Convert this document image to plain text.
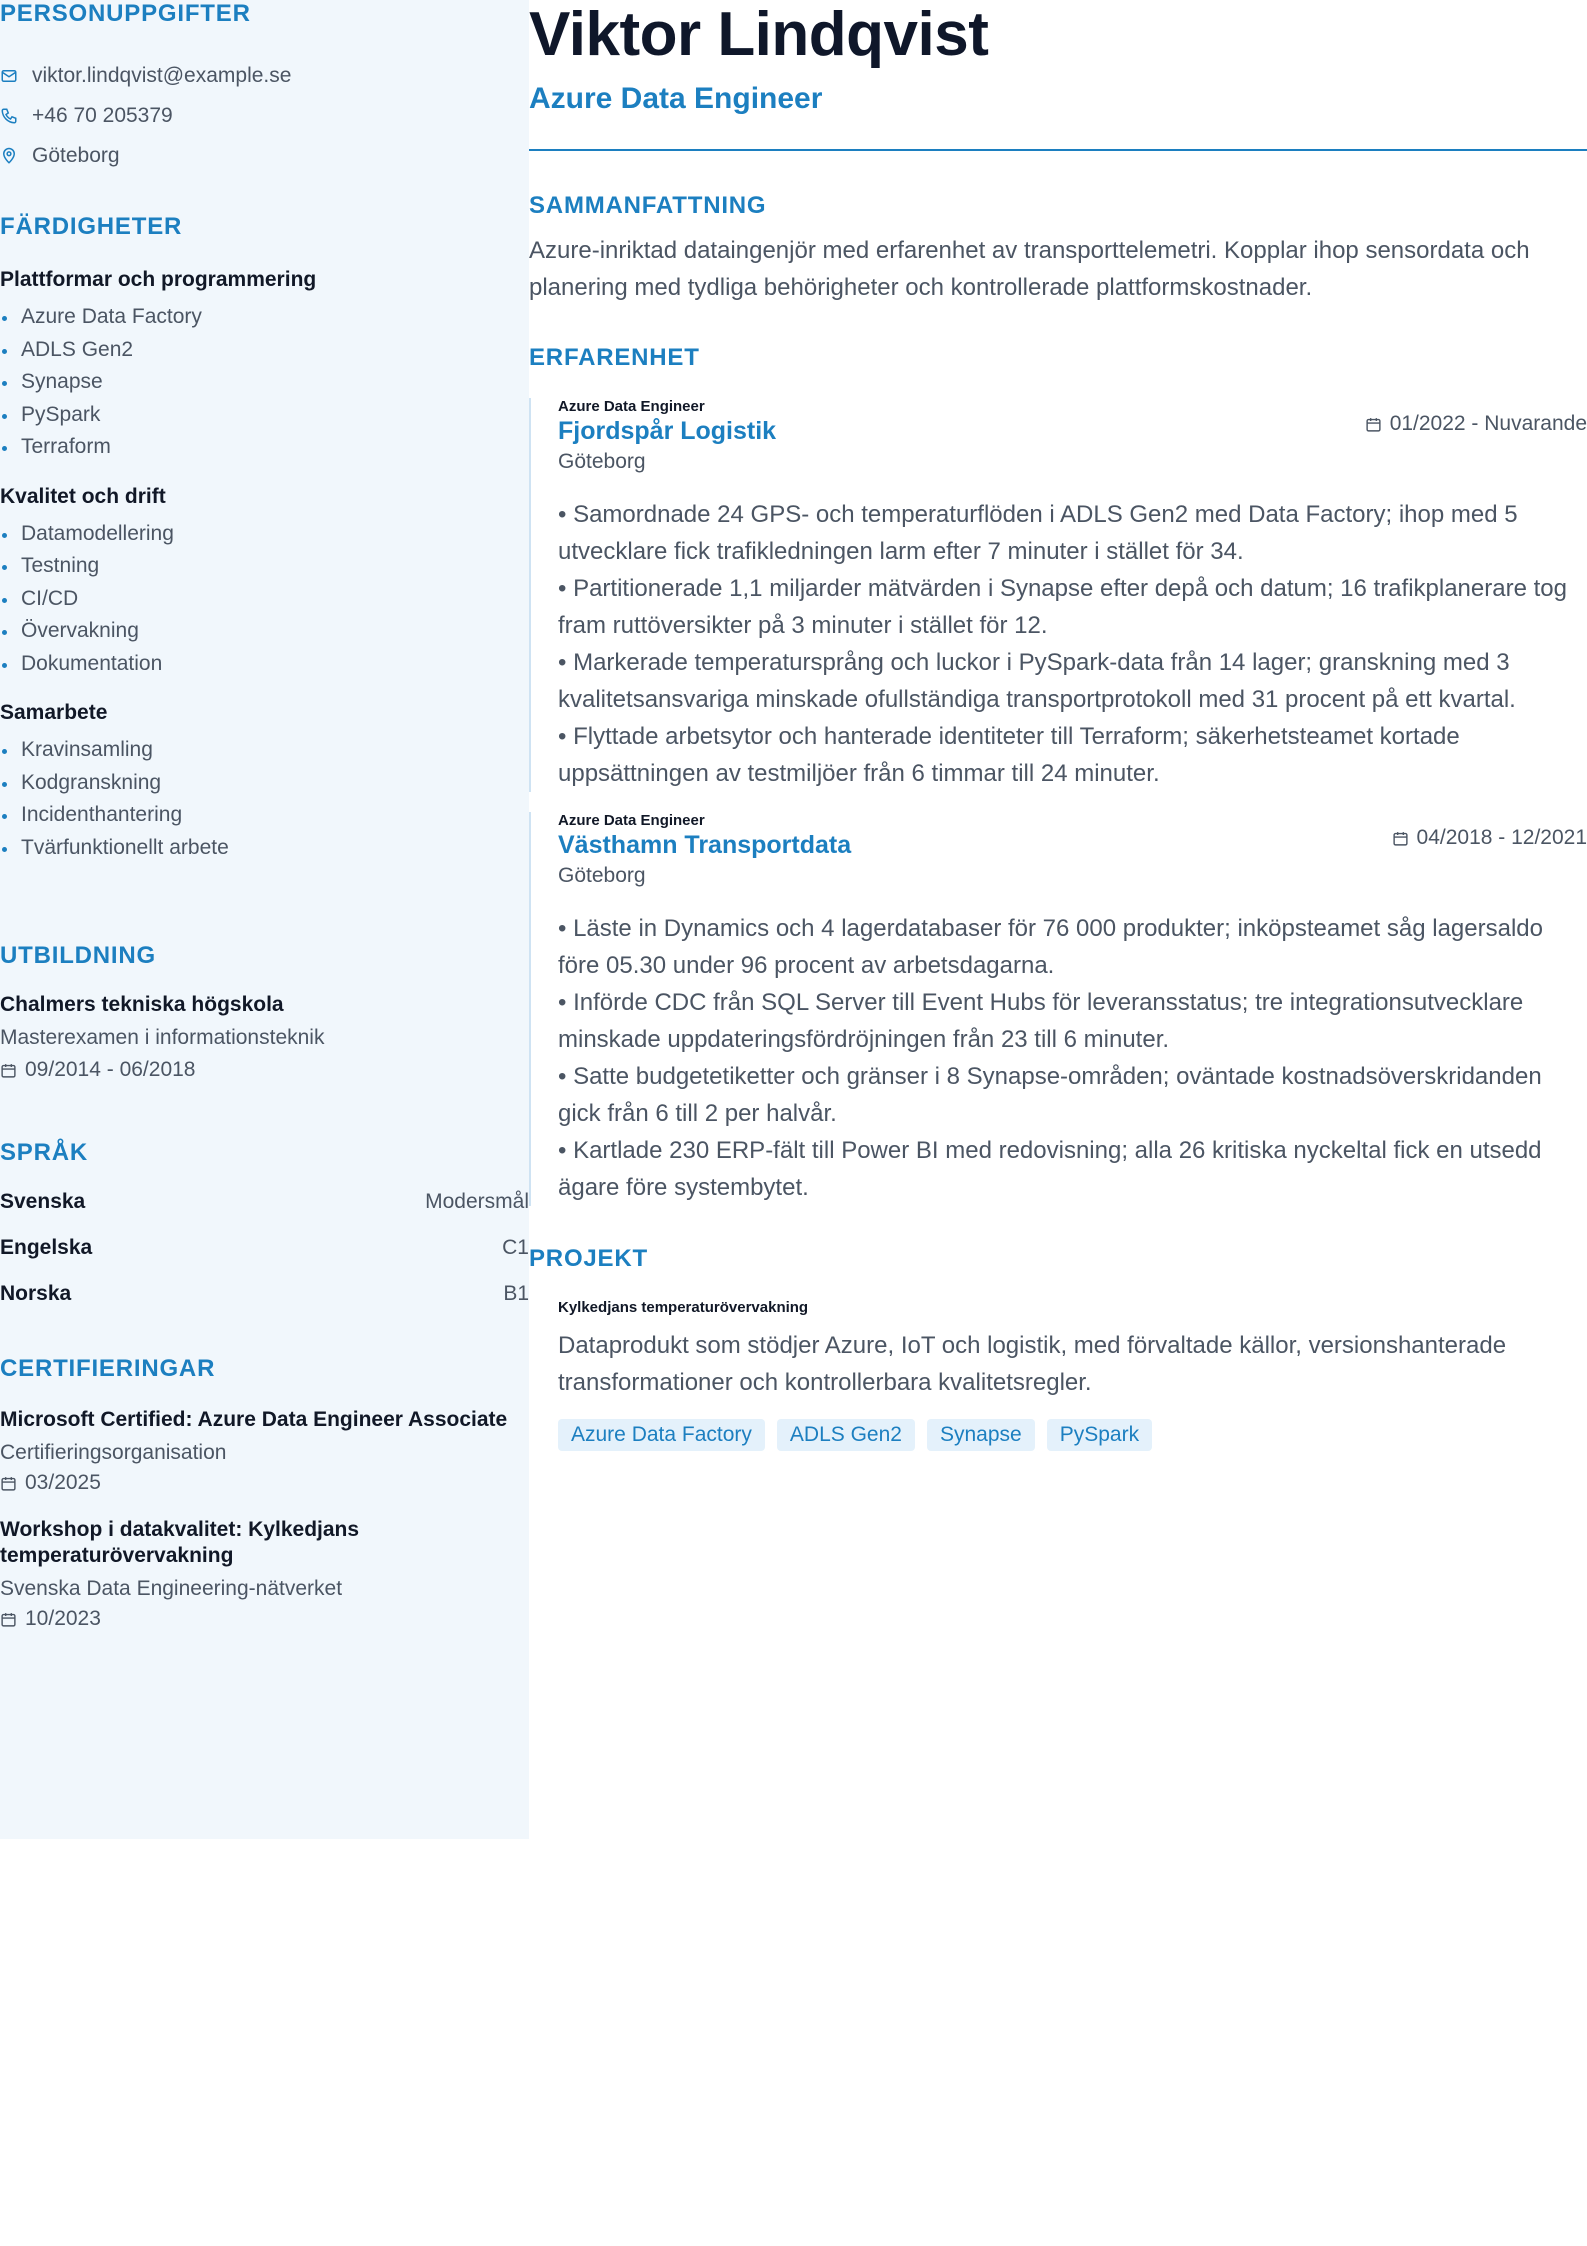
PERSONUPPGIFTER
viktor.lindqvist@example.se
+46 70 205379
Göteborg
FÄRDIGHETER
Plattformar och programmering
Azure Data Factory
ADLS Gen2
Synapse
PySpark
Terraform
Kvalitet och drift
Datamodellering
Testning
CI/CD
Övervakning
Dokumentation
Samarbete
Kravinsamling
Kodgranskning
Incidenthantering
Tvärfunktionellt arbete
UTBILDNING
Chalmers tekniska högskola
Masterexamen i informationsteknik
09/2014 - 06/2018
SPRÅK
Svenska	Modersmål
Engelska	C1
Norska	B1
CERTIFIERINGAR
Microsoft Certified: Azure Data Engineer Associate
Certifieringsorganisation
03/2025
Workshop i datakvalitet: Kylkedjans temperaturövervakning
Svenska Data Engineering-nätverket
10/2023
Viktor Lindqvist
Azure Data Engineer
SAMMANFATTNING

Azure-inriktad dataingenjör med erfarenhet av transporttelemetri. Kopplar ihop sensordata och planering med tydliga behörigheter och kontrollerade plattformskostnader.

ERFARENHET
Azure Data Engineer
Fjordspår Logistik
Göteborg
01/2022 - Nuvarande
• Samordnade 24 GPS- och temperaturflöden i ADLS Gen2 med Data Factory; ihop med 5 utvecklare fick trafikledningen larm efter 7 minuter i stället för 34.
• Partitionerade 1,1 miljarder mätvärden i Synapse efter depå och datum; 16 trafikplanerare tog fram ruttöversikter på 3 minuter i stället för 12.
• Markerade temperatursprång och luckor i PySpark-data från 14 lager; granskning med 3 kvalitetsansvariga minskade ofullständiga transportprotokoll med 31 procent på ett kvartal.
• Flyttade arbetsytor och hanterade identiteter till Terraform; säkerhetsteamet kortade uppsättningen av testmiljöer från 6 timmar till 24 minuter.
Azure Data Engineer
Västhamn Transportdata
Göteborg
04/2018 - 12/2021
• Läste in Dynamics och 4 lagerdatabaser för 76 000 produkter; inköpsteamet såg lagersaldo före 05.30 under 96 procent av arbetsdagarna.
• Införde CDC från SQL Server till Event Hubs för leveransstatus; tre integrationsutvecklare minskade uppdateringsfördröjningen från 23 till 6 minuter.
• Satte budgetetiketter och gränser i 8 Synapse-områden; oväntade kostnadsöverskridanden gick från 6 till 2 per halvår.
• Kartlade 230 ERP-fält till Power BI med redovisning; alla 26 kritiska nyckeltal fick en utsedd ägare före systembytet.
PROJEKT
Kylkedjans temperaturövervakning

Dataprodukt som stödjer Azure, IoT och logistik, med förvaltade källor, versionshanterade transformationer och kontrollerbara kvalitetsregler.

Azure Data Factory	ADLS Gen2	Synapse	PySpark
